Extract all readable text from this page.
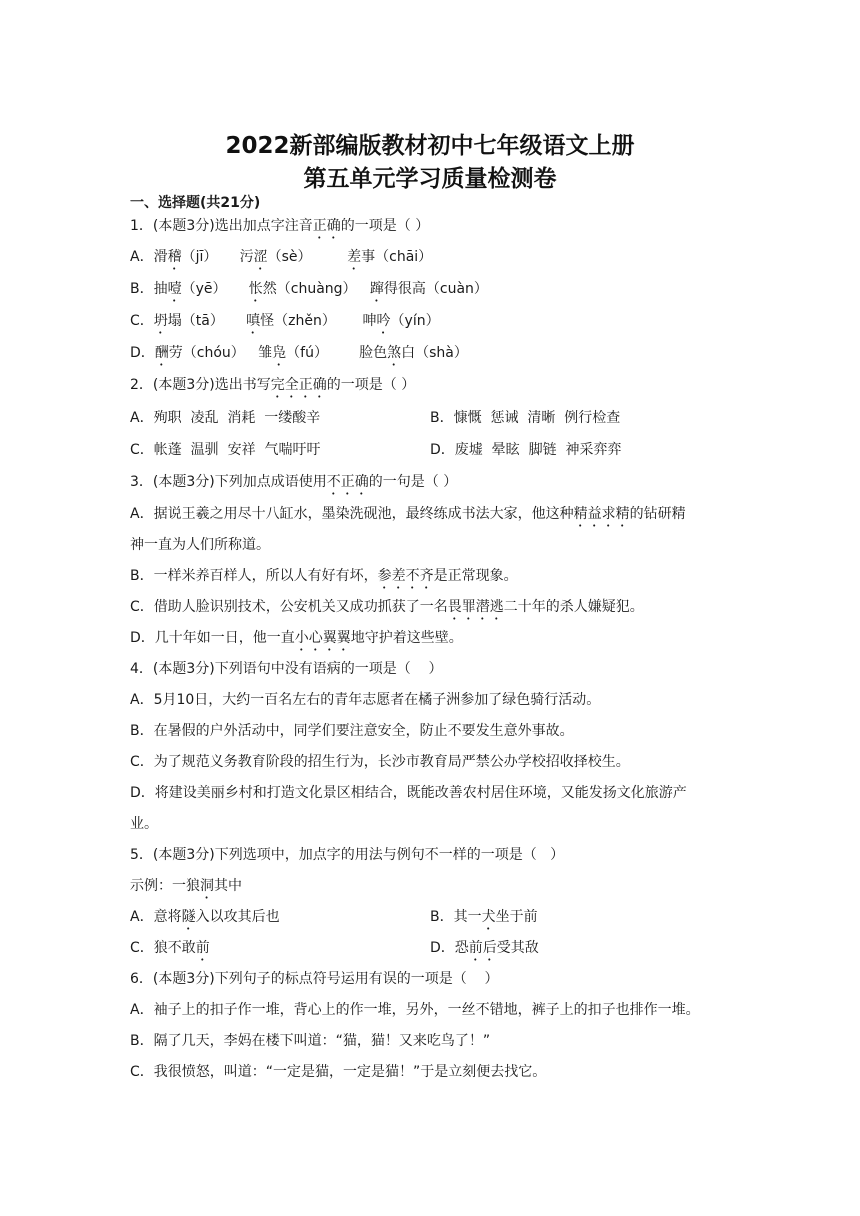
2022新部编版教材初中七年级语文上册
第五单元学习质量检测卷
一、选择题(共21分)
1．(本题3分)选出加点字注音正确的一项是（ ）
A．滑稽（jī）     污涩（sè）        差事（chāi）
B．抽噎（yē）     怅然（chuàng）   蹿得很高（cuàn）
C．坍塌（tā）     嗔怪（zhěn）      呻吟（yín）
D．酬劳（chóu）   雏凫（fú）       脸色煞白（shà）
2．(本题3分)选出书写完全正确的一项是（ ）
A．殉职  凌乱  消耗  一缕酸辛	B．慷慨  惩诫  清晰  例行检查
C．帐蓬  温驯  安祥  气喘吁吁	D．废墟  晕眩  脚链  神采弈弈
3．(本题3分)下列加点成语使用不正确的一句是（ ）
A．据说王羲之用尽十八缸水，墨染洗砚池，最终练成书法大家，他这种精益求精的钻研精
神一直为人们所称道。
B．一样米养百样人，所以人有好有坏，参差不齐是正常现象。
C．借助人脸识别技术，公安机关又成功抓获了一名畏罪潜逃二十年的杀人嫌疑犯。
D．几十年如一日，他一直小心翼翼地守护着这些壁。
4．(本题3分)下列语句中没有语病的一项是（    ）
A．5月10日，大约一百名左右的青年志愿者在橘子洲参加了绿色骑行活动。
B．在暑假的户外活动中，同学们要注意安全，防止不要发生意外事故。
C．为了规范义务教育阶段的招生行为，长沙市教育局严禁公办学校招收择校生。
D．将建设美丽乡村和打造文化景区相结合，既能改善农村居住环境，又能发扬文化旅游产
业。
5．(本题3分)下列选项中，加点字的用法与例句不一样的一项是（   ）
示例：一狼洞其中
A．意将隧入以攻其后也	B．其一犬坐于前
C．狼不敢前	D．恐前后受其敌
6．(本题3分)下列句子的标点符号运用有误的一项是（    ）
A．袖子上的扣子作一堆，背心上的作一堆，另外，一丝不错地，裤子上的扣子也排作一堆。
B．隔了几天，李妈在楼下叫道：“猫，猫！又来吃鸟了！”
C．我很愤怒，叫道：“一定是猫，一定是猫！”于是立刻便去找它。
